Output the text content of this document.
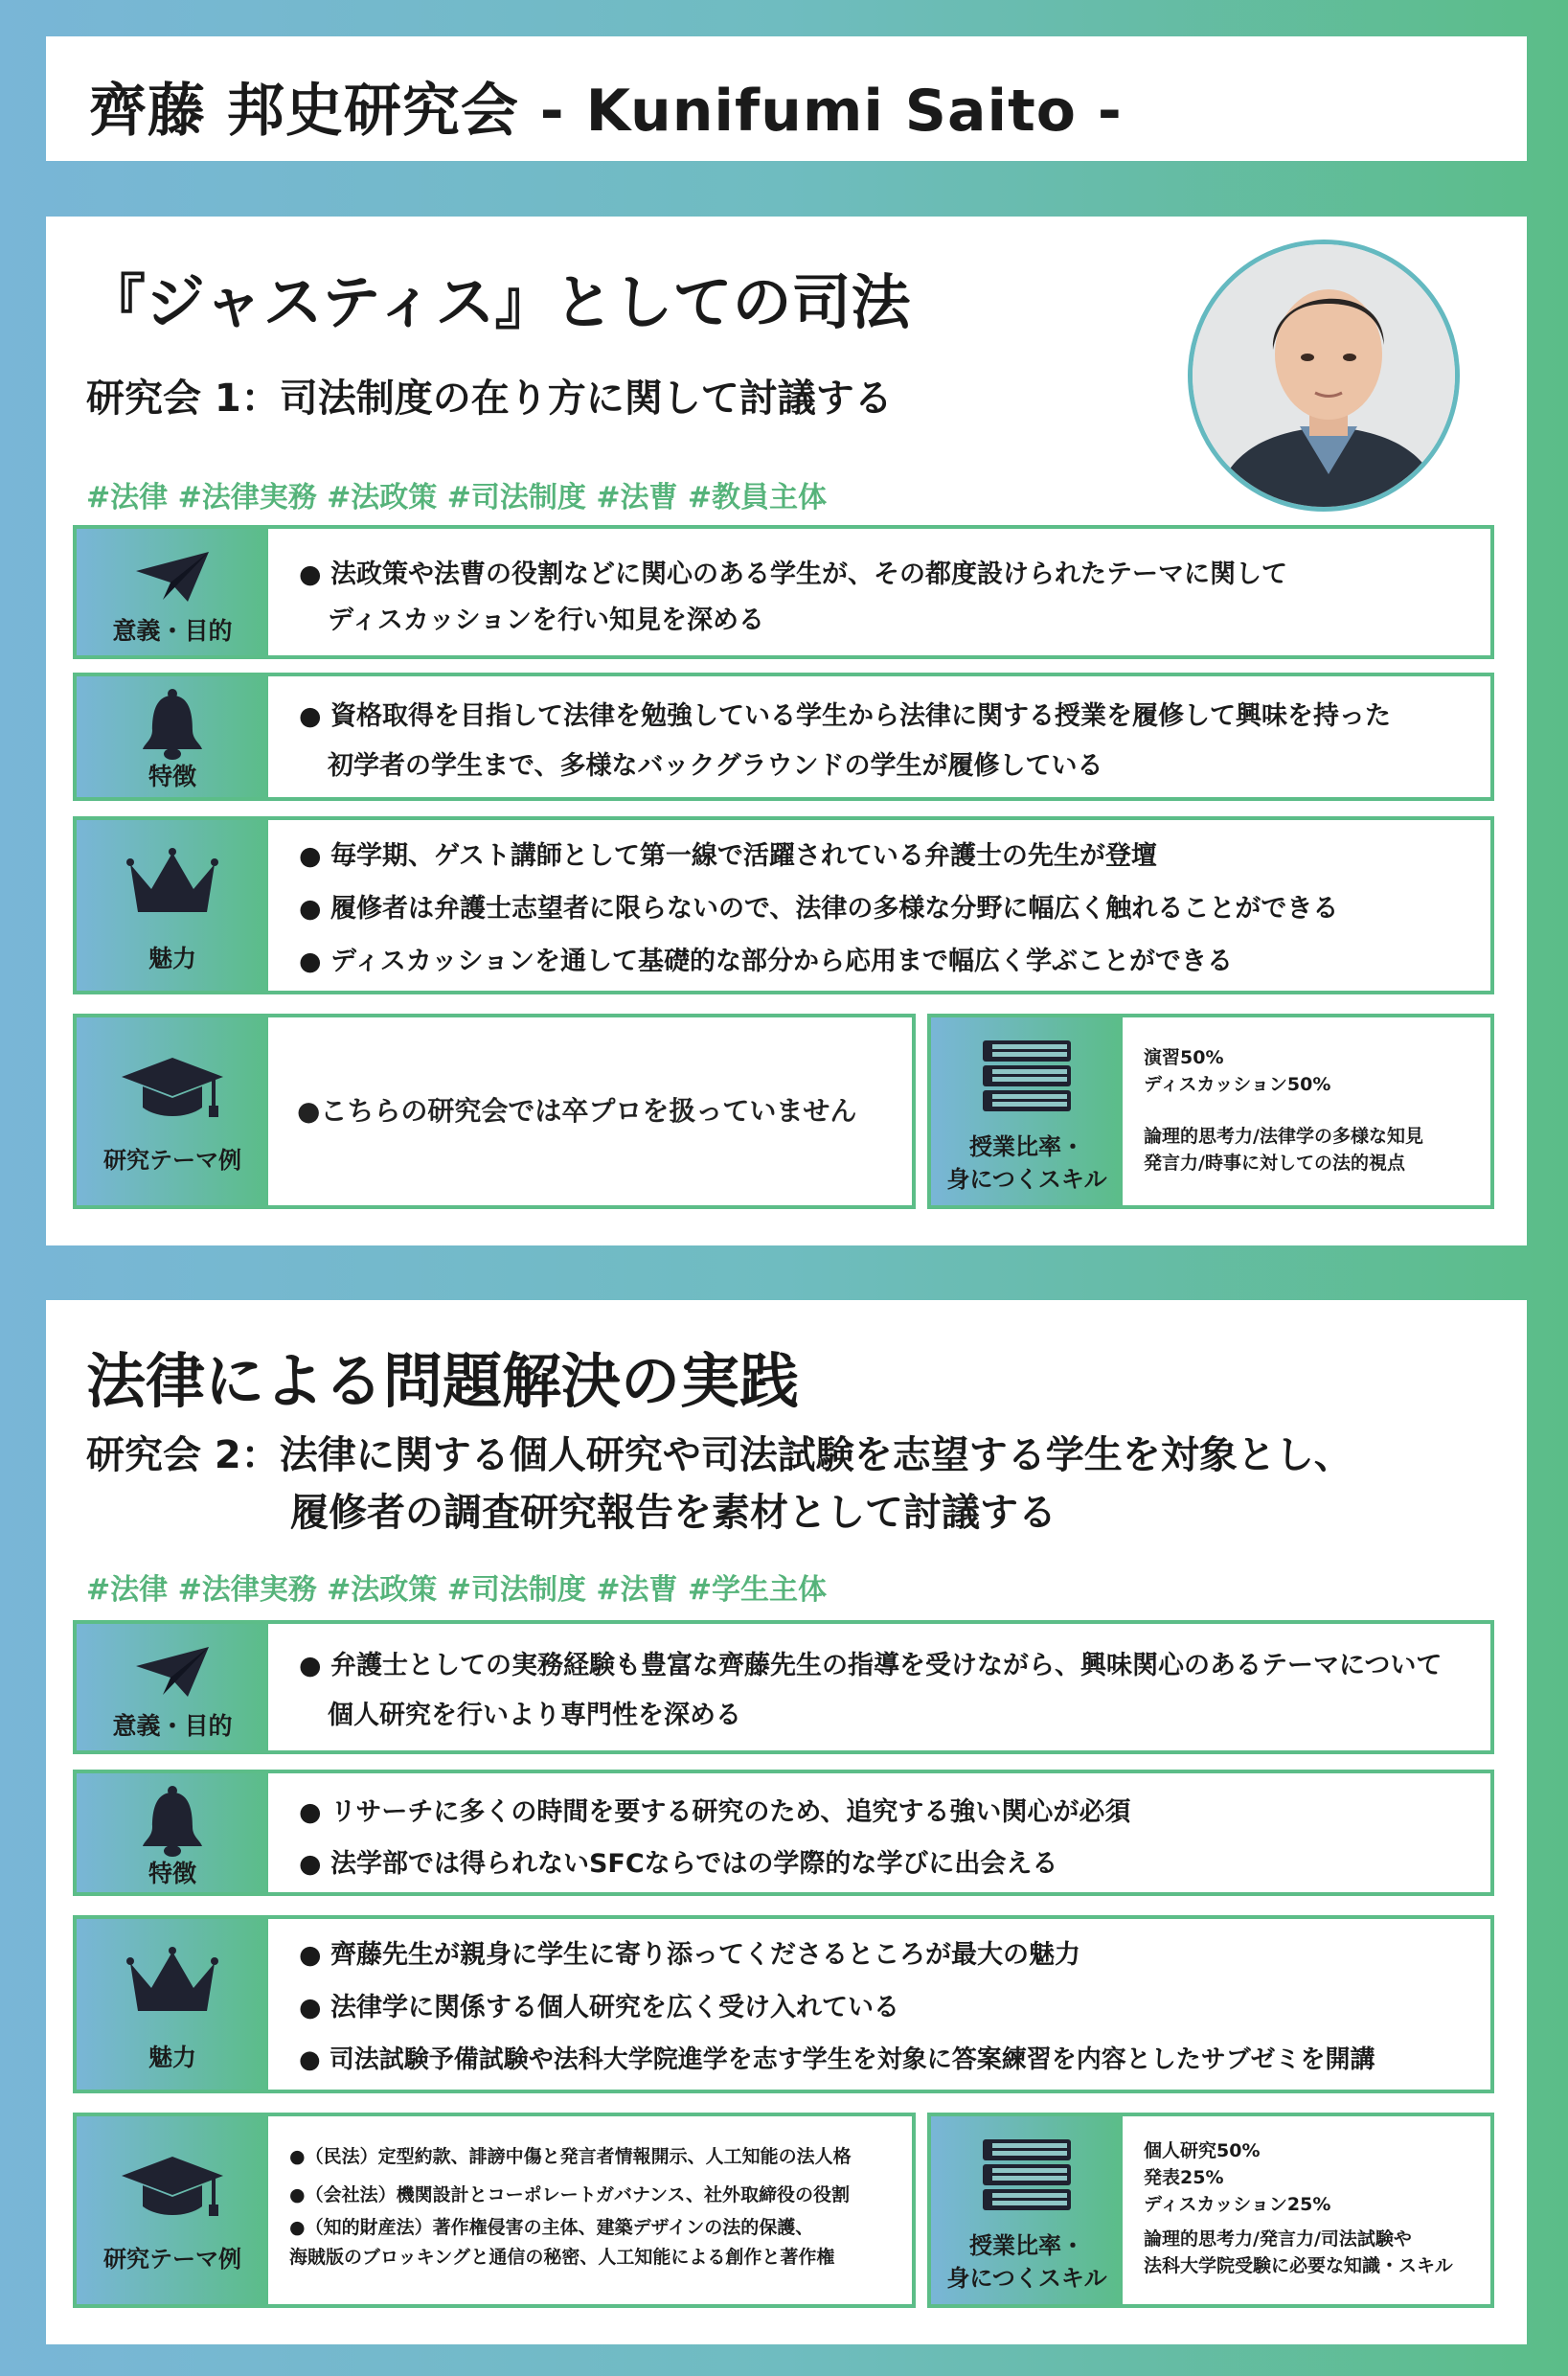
齊藤 邦史研究会 - Kunifumi Saito -
『ジャスティス』としての司法
研究会 1：司法制度の在り方に関して討議する
#法律 #法律実務 #法政策 #司法制度 #法曹 #教員主体
意義・目的
● 法政策や法曹の役割などに関心のある学生が、その都度設けられたテーマに関して
ディスカッションを行い知見を深める
特徴
● 資格取得を目指して法律を勉強している学生から法律に関する授業を履修して興味を持った
初学者の学生まで、多様なバックグラウンドの学生が履修している
魅力
● 毎学期、ゲスト講師として第一線で活躍されている弁護士の先生が登壇
● 履修者は弁護士志望者に限らないので、法律の多様な分野に幅広く触れることができる
● ディスカッションを通して基礎的な部分から応用まで幅広く学ぶことができる
研究テーマ例
●こちらの研究会では卒プロを扱っていません
授業比率・
身につくスキル
演習50%
ディスカッション50%
論理的思考力/法律学の多様な知見
発言力/時事に対しての法的視点
法律による問題解決の実践
研究会 2：法律に関する個人研究や司法試験を志望する学生を対象とし、
履修者の調査研究報告を素材として討議する
#法律 #法律実務 #法政策 #司法制度 #法曹 #学生主体
意義・目的
● 弁護士としての実務経験も豊富な齊藤先生の指導を受けながら、興味関心のあるテーマについて
個人研究を行いより専門性を深める
特徴
● リサーチに多くの時間を要する研究のため、追究する強い関心が必須
● 法学部では得られないSFCならではの学際的な学びに出会える
魅力
● 齊藤先生が親身に学生に寄り添ってくださるところが最大の魅力
● 法律学に関係する個人研究を広く受け入れている
● 司法試験予備試験や法科大学院進学を志す学生を対象に答案練習を内容としたサブゼミを開講
研究テーマ例
●（民法）定型約款、誹謗中傷と発言者情報開示、人工知能の法人格
●（会社法）機関設計とコーポレートガバナンス、社外取締役の役割
●（知的財産法）著作権侵害の主体、建築デザインの法的保護、
海賊版のブロッキングと通信の秘密、人工知能による創作と著作権	授業比率・
身につくスキル
個人研究50%
発表25%
ディスカッション25%
論理的思考力/発言力/司法試験や
法科大学院受験に必要な知識・スキル
